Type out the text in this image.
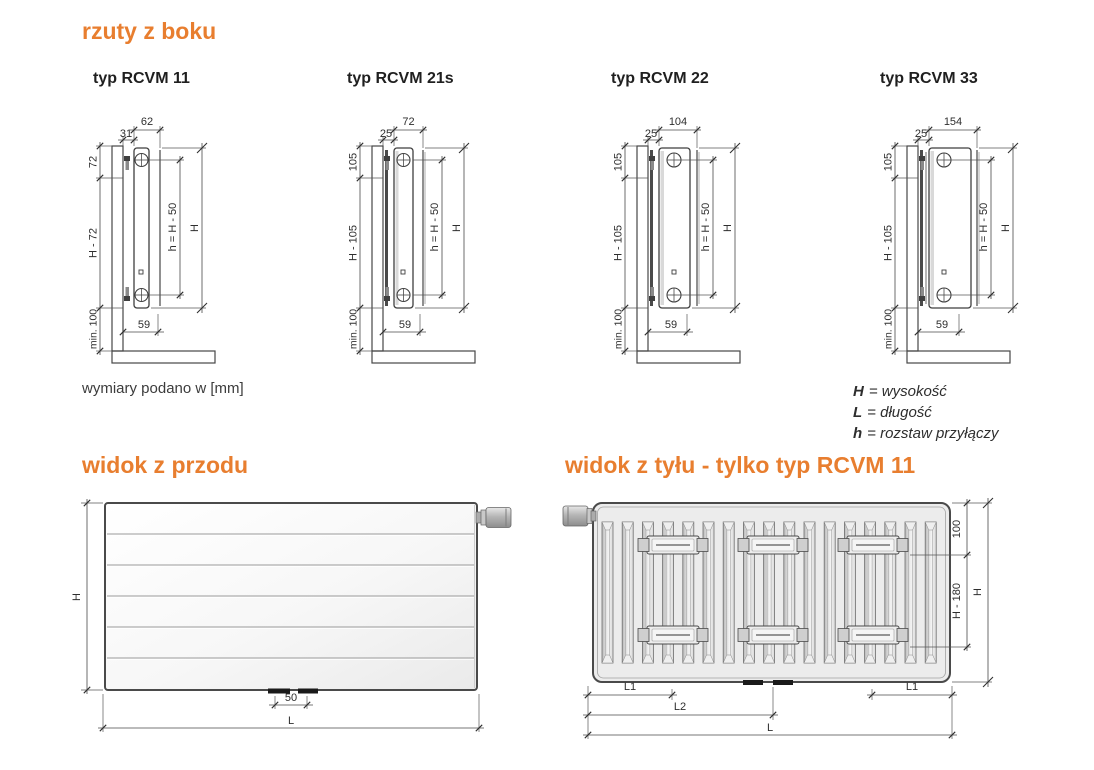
rzuty z boku
typ RCVM 11	typ RCVM 21s	typ RCVM 22	typ RCVM 33
62
31
72
H - 72
min. 100
h = H - 50 H
59
72
25
105
H - 105
min. 100
h = H - 50 H
59
104
25
105
H - 105
min. 100
h = H - 50 H
59
154
25
105
H - 105
min. 100
h = H - 50 H
59
wymiary podano w [mm]	H = wysokość
L = długość
h = rozstaw przyłączy
widok z przodu	widok z tyłu - tylko typ RCVM 11
H
50
L
100
H - 180 H
L1	L1
L2
L
